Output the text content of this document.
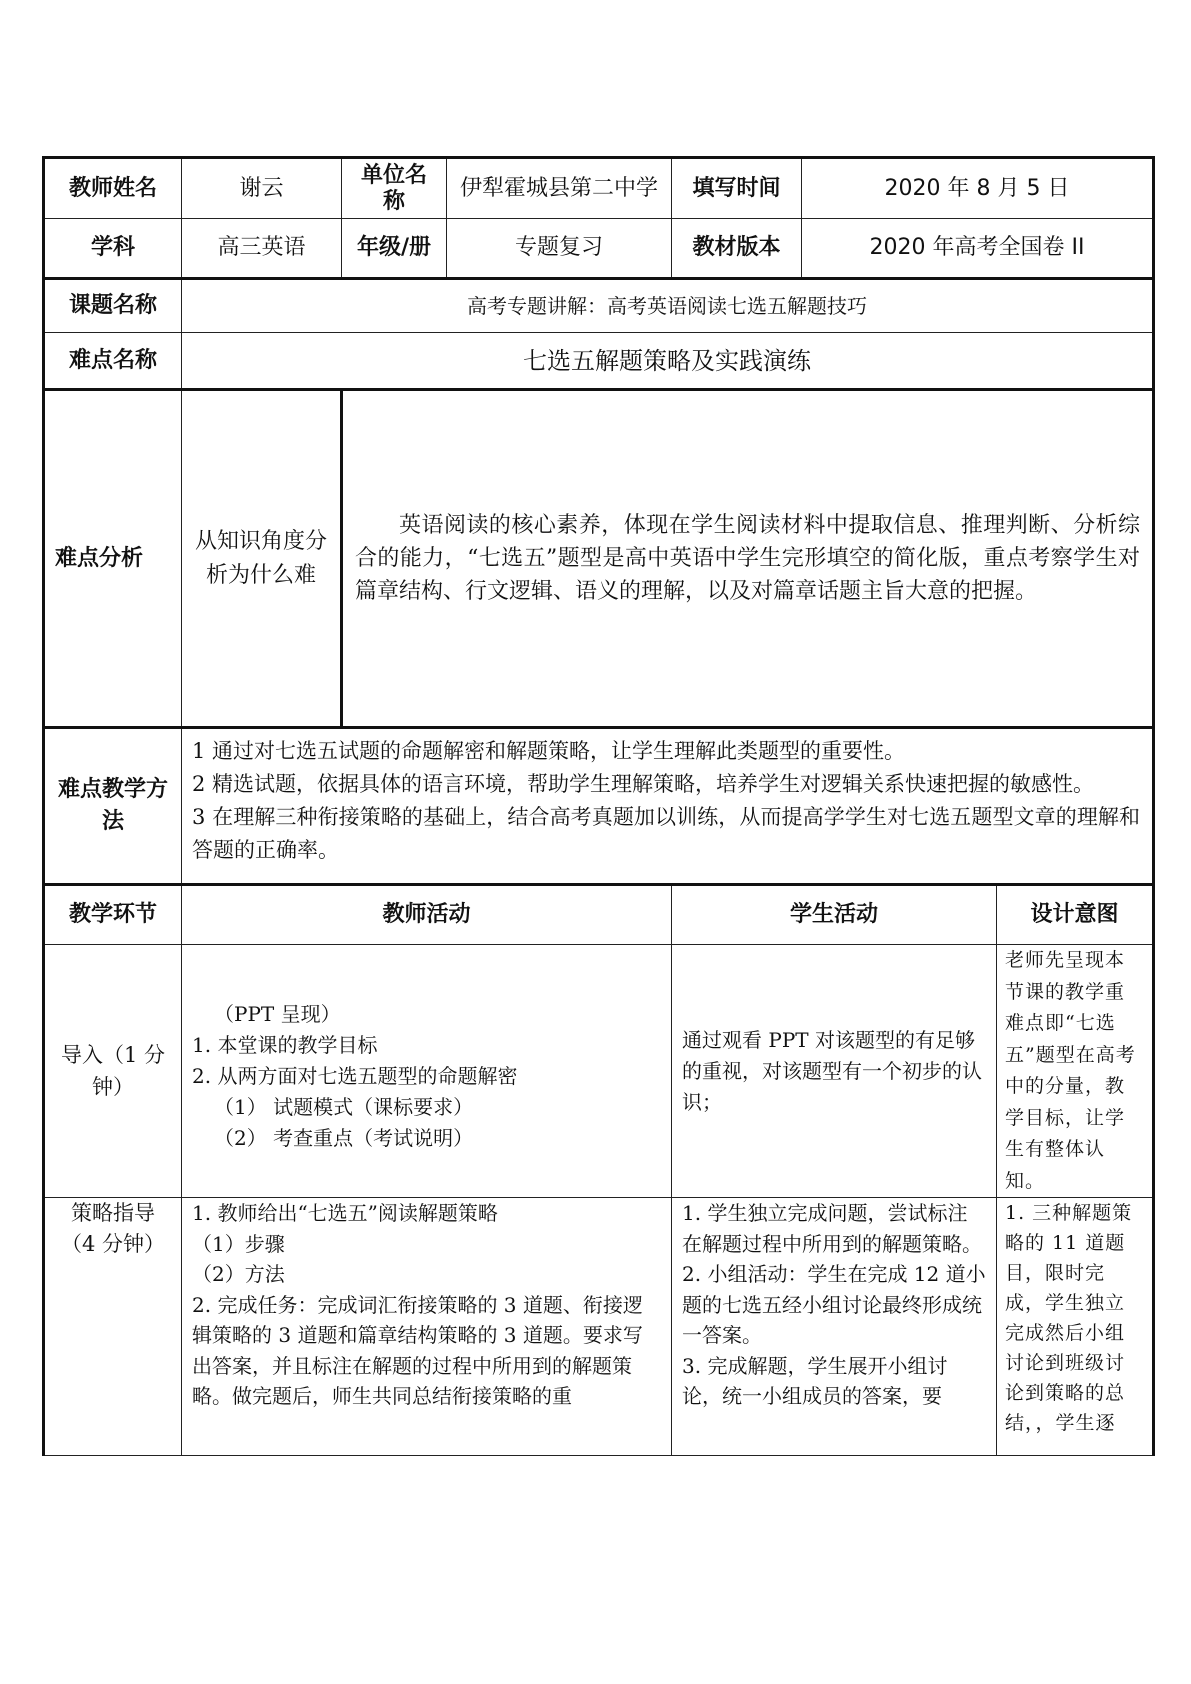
教师姓名	谢云	单位名称	伊犁霍城县第二中学	填写时间	2020 年 8 月 5 日	
学科	高三英语	年级/册	专题复习	教材版本	2020 年高考全国卷 II	
课题名称	高考专题讲解：高考英语阅读七选五解题技巧					
难点名称	七选五解题策略及实践演练					
难点分析	从知识角度分析为什么难	英语阅读的核心素养，体现在学生阅读材料中提取信息、推理判断、分析综合的能力，“七选五”题型是高中英语中学生完形填空的简化版，重点考察学生对篇章结构、行文逻辑、语义的理解，以及对篇章话题主旨大意的把握。				

难点教学方法	1 通过对七选五试题的命题解密和解题策略，让学生理解此类题型的重要性。
2 精选试题，依据具体的语言环境，帮助学生理解策略，培养学生对逻辑关系快速把握的敏感性。
3 在理解三种衔接策略的基础上，结合高考真题加以训练，从而提高学学生对七选五题型文章的理解和答题的正确率。					

教学环节	教师活动			学生活动		设计意图
导入（1 分钟）	（PPT 呈现）
1. 本堂课的教学目标
2. 从两方面对七选五题型的命题解密
（1） 试题模式（课标要求）
（2） 考查重点（考试说明）			通过观看 PPT 对该题型的有足够的重视，对该题型有一个初步的认识；		老师先呈现本节课的教学重难点即“七选五”题型在高考中的分量，教学目标，让学生有整体认知。

策略指导（4 分钟）	1. 教师给出“七选五”阅读解题策略
（1）步骤
（2）方法
2. 完成任务：完成词汇衔接策略的 3 道题、衔接逻辑策略的 3 道题和篇章结构策略的 3 道题。要求写出答案，并且标注在解题的过程中所用到的解题策略。做完题后，师生共同总结衔接策略的重			1. 学生独立完成问题，尝试标注在解题过程中所用到的解题策略。
2. 小组活动：学生在完成 12 道小题的七选五经小组讨论最终形成统一答案。
3. 完成解题，学生展开小组讨论，统一小组成员的答案，要		1. 三种解题策略的 11 道题目，限时完成，学生独立完成然后小组讨论到班级讨论到策略的总结，，学生逐
